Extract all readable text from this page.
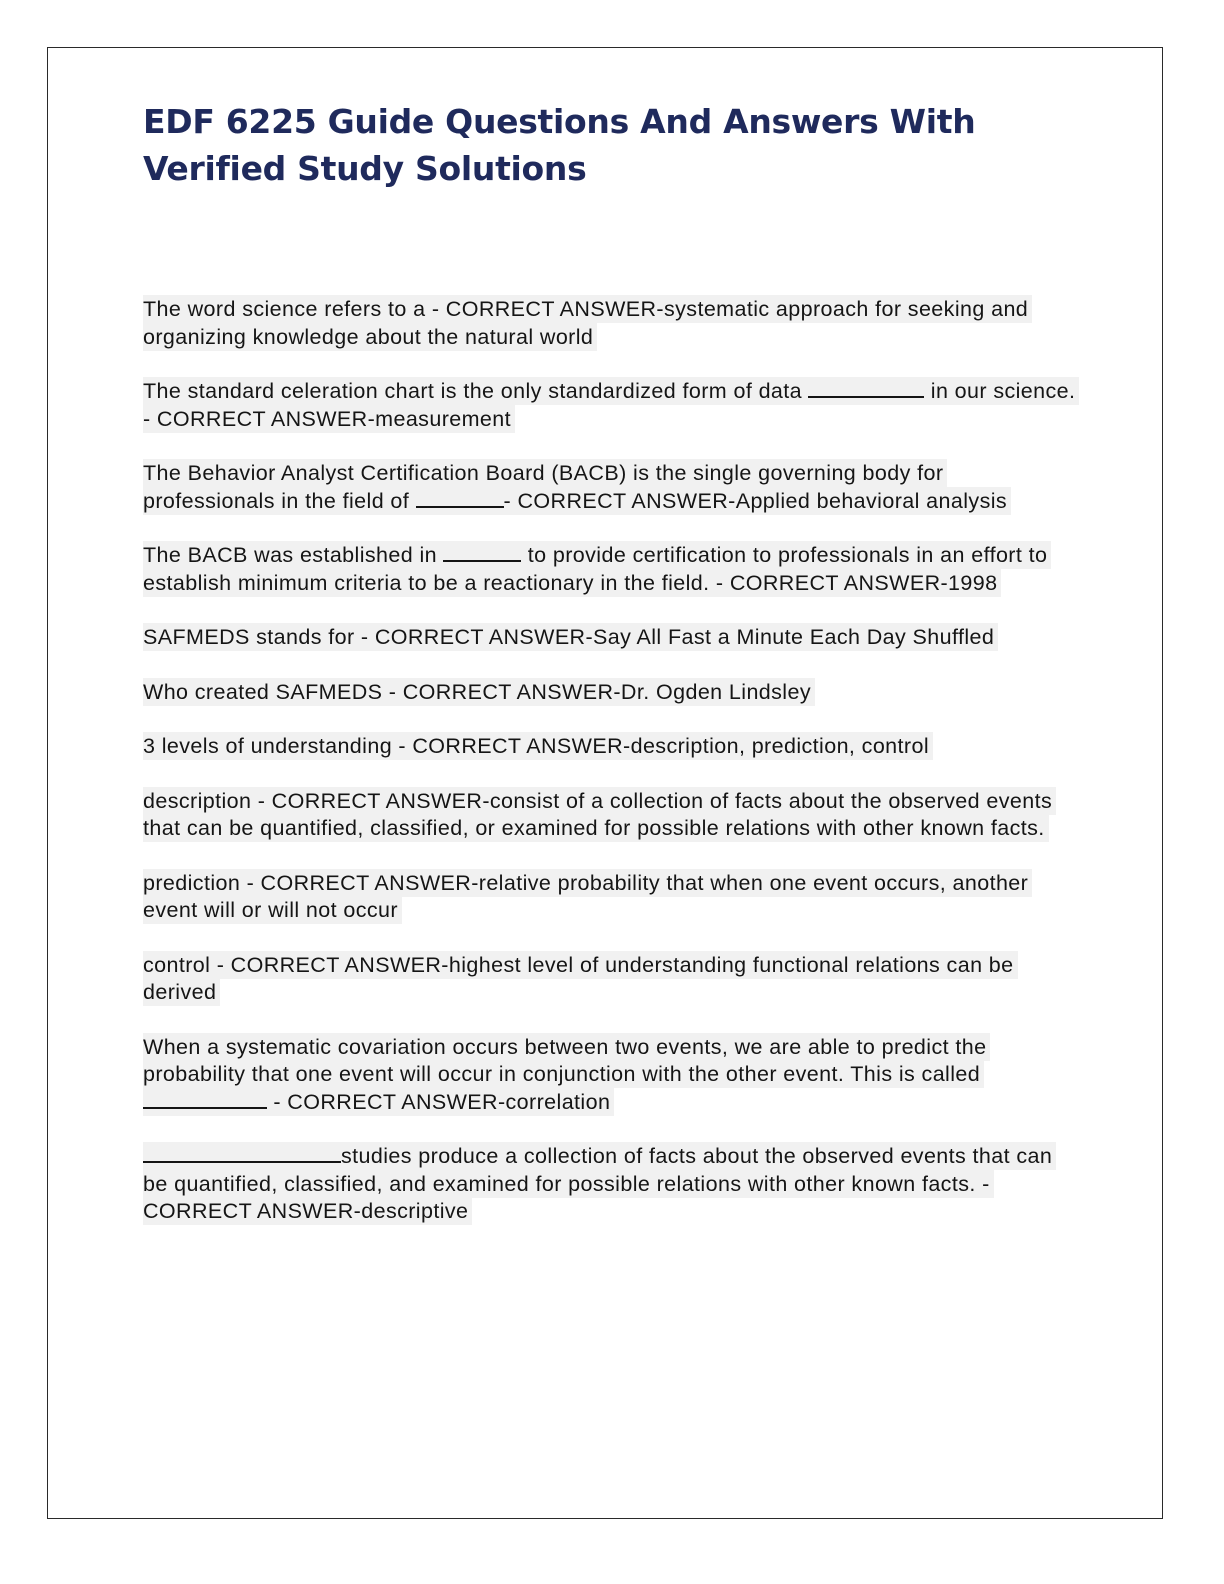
EDF 6225 Guide Questions And Answers With Verified Study Solutions
The word science refers to a - CORRECT ANSWER-systematic approach for seeking and organizing knowledge about the natural world
The standard celeration chart is the only standardized form of data	in our science. - CORRECT ANSWER-measurement
The Behavior Analyst Certification Board (BACB) is the single governing body for professionals in the field of	- CORRECT ANSWER-Applied behavioral analysis
The BACB was established in	to provide certification to professionals in an effort to establish minimum criteria to be a reactionary in the field. - CORRECT ANSWER-1998
SAFMEDS stands for - CORRECT ANSWER-Say All Fast a Minute Each Day Shuffled
Who created SAFMEDS - CORRECT ANSWER-Dr. Ogden Lindsley
3 levels of understanding - CORRECT ANSWER-description, prediction, control
description - CORRECT ANSWER-consist of a collection of facts about the observed events that can be quantified, classified, or examined for possible relations with other known facts.
prediction - CORRECT ANSWER-relative probability that when one event occurs, another event will or will not occur
control - CORRECT ANSWER-highest level of understanding functional relations can be derived
When a systematic covariation occurs between two events, we are able to predict the probability that one event will occur in conjunction with the other event. This is called - CORRECT ANSWER-correlation
studies produce a collection of facts about the observed events that can be quantified, classified, and examined for possible relations with other known facts. - CORRECT ANSWER-descriptive
